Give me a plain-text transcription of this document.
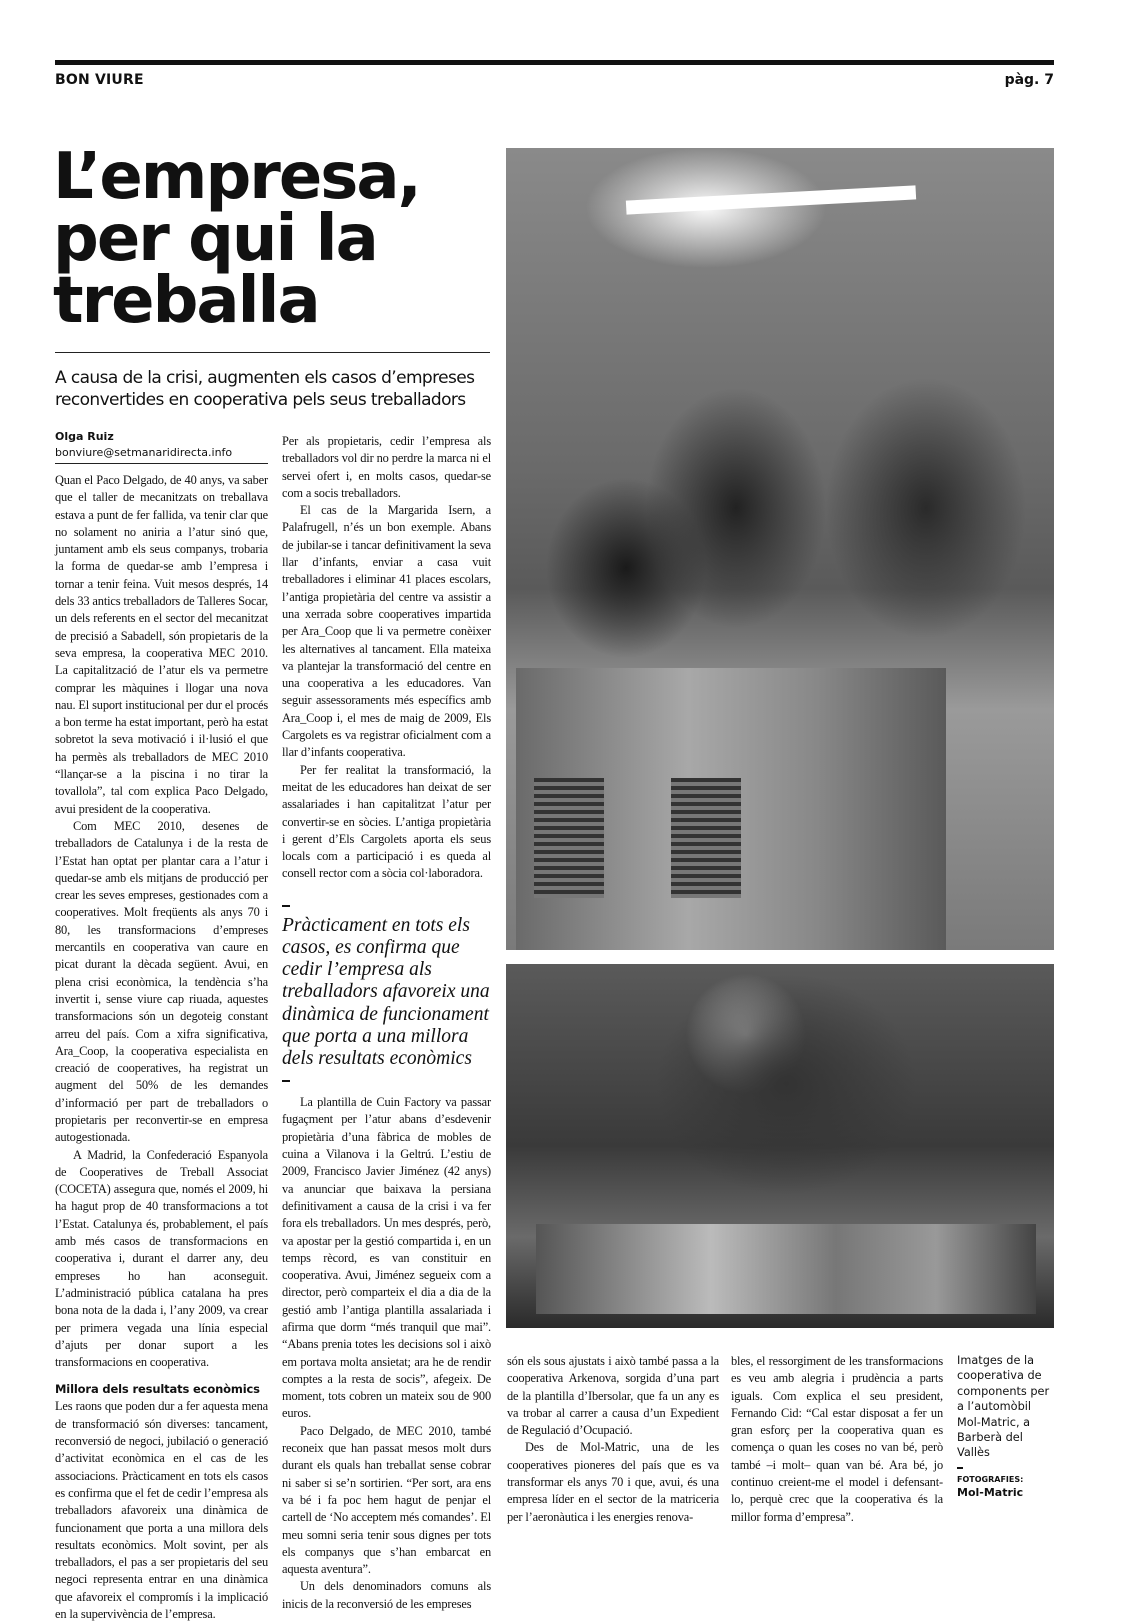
BON VIURE	pàg. 7
L’empresa, per qui la treballa
A causa de la crisi, augmenten els casos d’empreses reconvertides en cooperativa pels seus treballadors
Olga Ruiz
bonviure@setmanaridirecta.info

Quan el Paco Delgado, de 40 anys, va saber que el taller de mecanitzats on treballava estava a punt de fer fallida, va tenir clar que no solament no aniria a l’atur sinó que, juntament amb els seus companys, trobaria la forma de quedar-se amb l’empresa i tornar a tenir feina. Vuit mesos després, 14 dels 33 antics treballadors de Talleres Socar, un dels referents en el sector del mecanitzat de precisió a Sabadell, són propietaris de la seva empresa, la cooperativa MEC 2010. La capitalització de l’atur els va permetre comprar les màquines i llogar una nova nau. El suport institucional per dur el procés a bon terme ha estat important, però ha estat sobretot la seva motivació i il·lusió el que ha permès als treballadors de MEC 2010 “llançar-se a la piscina i no tirar la tovallola”, tal com explica Paco Delgado, avui president de la cooperativa.

Com MEC 2010, desenes de treballadors de Catalunya i de la resta de l’Estat han optat per plantar cara a l’atur i quedar-se amb els mitjans de producció per crear les seves empreses, gestionades com a cooperatives. Molt freqüents als anys 70 i 80, les transformacions d’empreses mercantils en cooperativa van caure en picat durant la dècada següent. Avui, en plena crisi econòmica, la tendència s’ha invertit i, sense viure cap riuada, aquestes transformacions són un degoteig constant arreu del país. Com a xifra significativa, Ara_Coop, la cooperativa especialista en creació de cooperatives, ha registrat un augment del 50% de les demandes d’informació per part de treballadors o propietaris per reconvertir-se en empresa autogestionada.

A Madrid, la Confederació Espanyola de Cooperatives de Treball Associat (COCETA) assegura que, només el 2009, hi ha hagut prop de 40 transformacions a tot l’Estat. Catalunya és, probablement, el país amb més casos de transformacions en cooperativa i, durant el darrer any, deu empreses ho han aconseguit. L’administració pública catalana ha pres bona nota de la dada i, l’any 2009, va crear per primera vegada una línia especial d’ajuts per donar suport a les transformacions en cooperativa.

Millora dels resultats econòmics

Les raons que poden dur a fer aquesta mena de transformació són diverses: tancament, reconversió de negoci, jubilació o generació d’activitat econòmica en el cas de les associacions. Pràcticament en tots els casos es confirma que el fet de cedir l’empresa als treballadors afavoreix una dinàmica de funcionament que porta a una millora dels resultats econòmics. Molt sovint, per als treballadors, el pas a ser propietaris del seu negoci representa entrar en una dinàmica que afavoreix el compromís i la implicació en la supervivència de l’empresa.

Per als propietaris, cedir l’empresa als treballadors vol dir no perdre la marca ni el servei ofert i, en molts casos, quedar-se com a socis treballadors.

El cas de la Margarida Isern, a Palafrugell, n’és un bon exemple. Abans de jubilar-se i tancar definitivament la seva llar d’infants, enviar a casa vuit treballadores i eliminar 41 places escolars, l’antiga propietària del centre va assistir a una xerrada sobre cooperatives impartida per Ara_Coop que li va permetre conèixer les alternatives al tancament. Ella mateixa va plantejar la transformació del centre en una cooperativa a les educadores. Van seguir assessoraments més específics amb Ara_Coop i, el mes de maig de 2009, Els Cargolets es va registrar oficialment com a llar d’infants cooperativa.

Per fer realitat la transformació, la meitat de les educadores han deixat de ser assalariades i han capitalitzat l’atur per convertir-se en sòcies. L’antiga propietària i gerent d’Els Cargolets aporta els seus locals com a participació i es queda al consell rector com a sòcia col·laboradora.

Pràcticament en tots els casos, es confirma que cedir l’empresa als treballadors afavoreix una dinàmica de funcionament que porta a una millora dels resultats econòmics

La plantilla de Cuin Factory va passar fugaçment per l’atur abans d’esdevenir propietària d’una fàbrica de mobles de cuina a Vilanova i la Geltrú. L’estiu de 2009, Francisco Javier Jiménez (42 anys) va anunciar que baixava la persiana definitivament a causa de la crisi i va fer fora els treballadors. Un mes després, però, va apostar per la gestió compartida i, en un temps rècord, es van constituir en cooperativa. Avui, Jiménez segueix com a director, però comparteix el dia a dia de la gestió amb l’antiga plantilla assalariada i afirma que dorm “més tranquil que mai”. “Abans prenia totes les decisions sol i això em portava molta ansietat; ara he de rendir comptes a la resta de socis”, afegeix. De moment, tots cobren un mateix sou de 900 euros.

Paco Delgado, de MEC 2010, també reconeix que han passat mesos molt durs durant els quals han treballat sense cobrar ni saber si se’n sortirien. “Per sort, ara ens va bé i fa poc hem hagut de penjar el cartell de ‘No acceptem més comandes’. El meu somni seria tenir sous dignes per tots els companys que s’han embarcat en aquesta aventura”.

Un dels denominadors comuns als inicis de la reconversió de les empreses

són els sous ajustats i això també passa a la cooperativa Arkenova, sorgida d’una part de la plantilla d’Ibersolar, que fa un any es va trobar al carrer a causa d’un Expedient de Regulació d’Ocupació.

Des de Mol-Matric, una de les cooperatives pioneres del país que es va transformar els anys 70 i que, avui, és una empresa líder en el sector de la matriceria per l’aeronàutica i les energies renova-

bles, el ressorgiment de les transformacions es veu amb alegria i prudència a parts iguals. Com explica el seu president, Fernando Cid: “Cal estar disposat a fer un gran esforç per la cooperativa quan es comença o quan les coses no van bé, però també –i molt– quan van bé. Ara bé, jo continuo creient-me el model i defensant-lo, perquè crec que la cooperativa és la millor forma d’empresa”.

Imatges de la cooperativa de components per a l’automòbil Mol-Matric, a Barberà del Vallès
FOTOGRAFIES:
Mol-Matric
